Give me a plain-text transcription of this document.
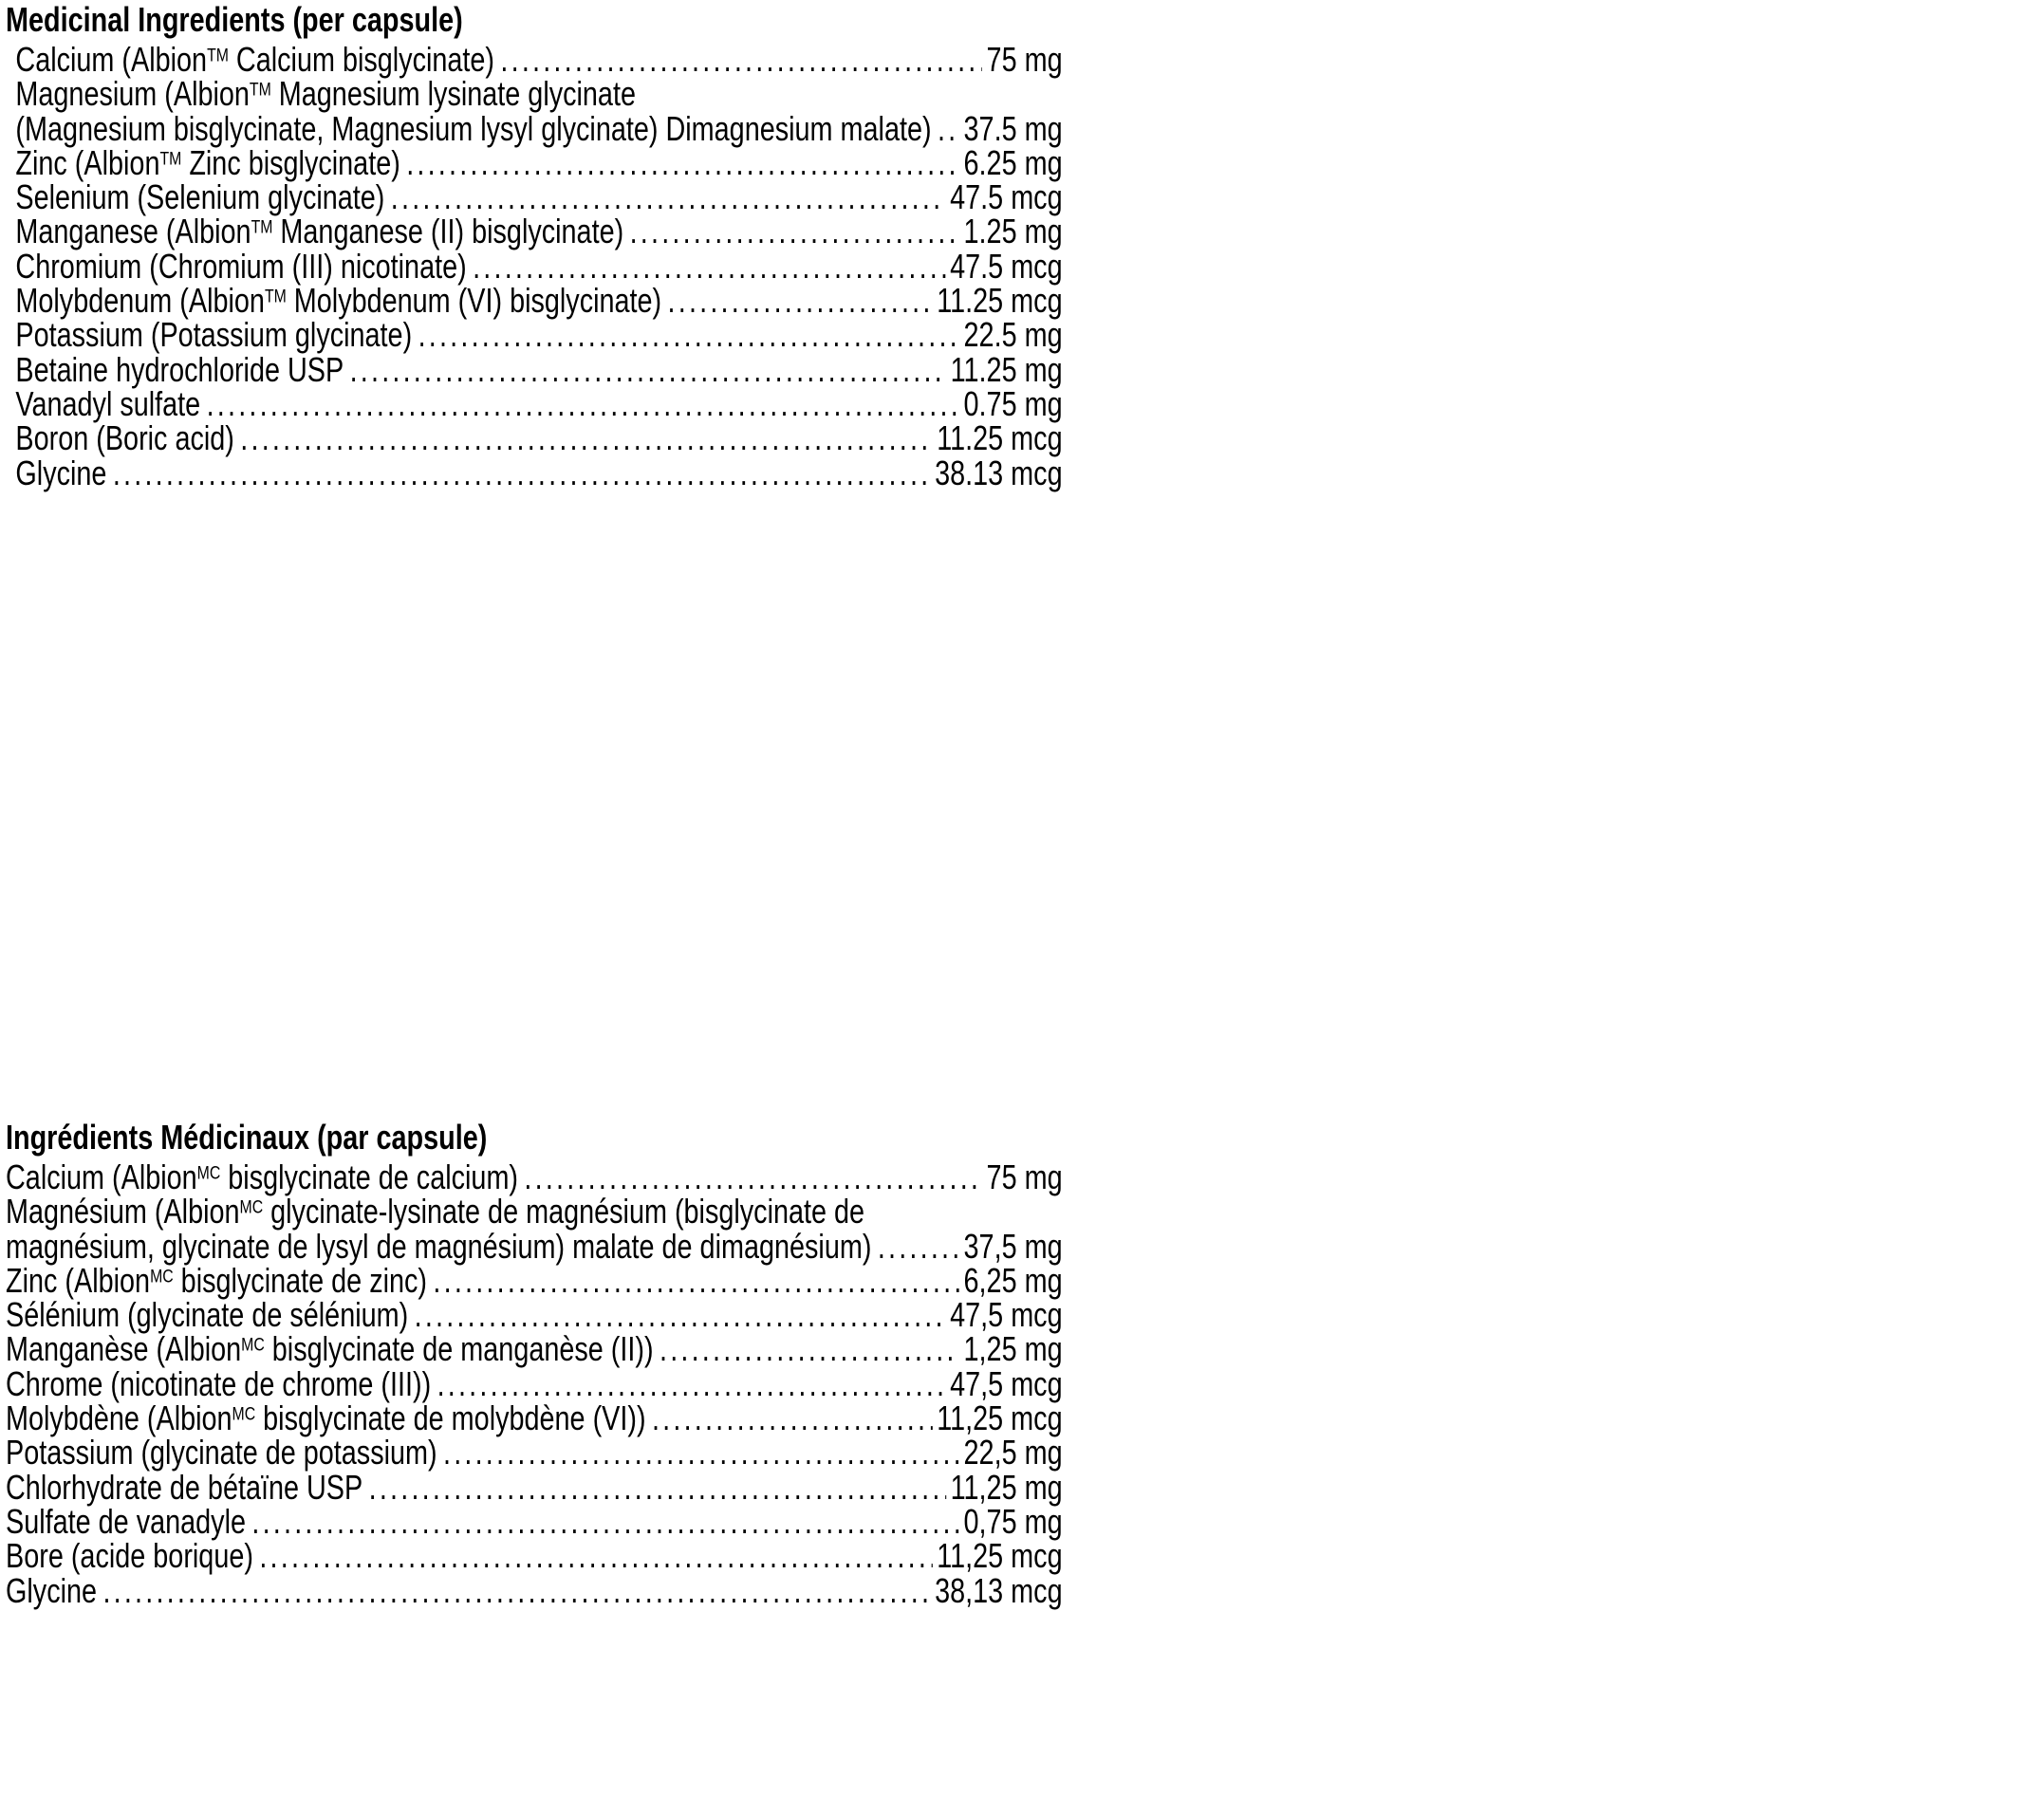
Medicinal Ingredients (per capsule)
Calcium (Albion™ Calcium bisglycinate) .....	75 mg
Magnesium (Albion™ Magnesium lysinate glycinate
(Magnesium bisglycinate, Magnesium lysyl glycinate) Dimagnesium malate) ..... 37.5 mg
Zinc (Albion™ Zinc bisglycinate) .....	6.25 mg
Selenium (Selenium glycinate) .....	47.5 mcg
Manganese (Albion™ Manganese (II) bisglycinate) .....	1.25 mg
Chromium (Chromium (III) nicotinate) .....	47.5 mcg
Molybdenum (Albion™ Molybdenum (VI) bisglycinate) .....	11.25 mcg
Potassium (Potassium glycinate) .....	22.5 mg
Betaine hydrochloride USP .....	11.25 mg
Vanadyl sulfate .....	0.75 mg
Boron (Boric acid) .....	11.25 mcg
Glycine .....	38.13 mcg
Ingrédients Médicinaux (par capsule)
Calcium (Albion$^{MC}$ bisglycinate de calcium) .....	75 mg
Magnésium (Albion$^{MC}$ glycinate-lysinate de magnésium (bisglycinate de
magnésium, glycinate de lysyl de magnésium) malate de dimagnésium) .....	37,5 mg
Zinc (Albion$^{MC}$ bisglycinate de zinc) .....	6,25 mg
Sélénium (glycinate de sélénium) .....	47,5 mcg
Manganèse (Albion$^{MC}$ bisglycinate de manganèse (II)) .....	1,25 mg
Chrome (nicotinate de chrome (III)) .....	47,5 mcg
Molybdène (Albion$^{MC}$ bisglycinate de molybdène (VI)) .....	11,25 mcg
Potassium (glycinate de potassium) .....	22,5 mg
Chlorhydrate de bétaïne USP .....	11,25 mg
Sulfate de vanadyle .....	0,75 mg
Bore (acide borique) .....	11,25 mcg
Glycine .....	38,13 mcg
